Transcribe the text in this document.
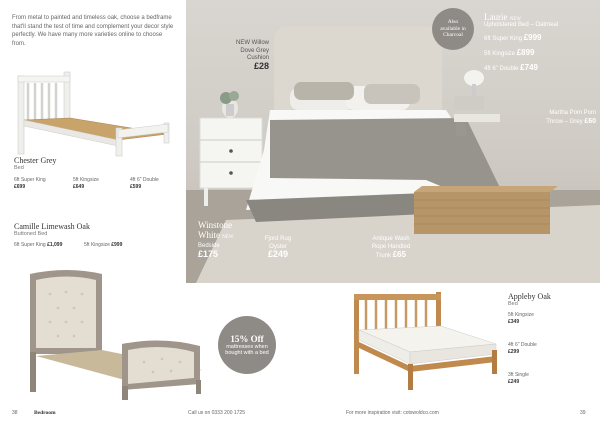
From metal to painted and timeless oak, choose a bedframe that'll stand the test of time and complement your decor style perfectly. We have many more varieties online to choose from.
Chester Grey
Bed
6ft Super King
£699
5ft Kingsize
£649
4ft 6" Double
£599
Camille Limewash Oak
Buttoned Bed
6ft Super King £1,099	5ft Kingsize £999
NEW Willow
Dove Grey
Cushion
£28
Also available in Charcoal
Laurie NEW
Upholstered Bed – Oatmeal
6ft Super King £999
5ft Kingsize £899
4ft 6" Double £749
Martha Pom Pom
Throw – Grey £60
Winstone
White NEW
Bedside
£175
Fjord Rug
Oyster
£249
Antique Wash
Rope Handled
Trunk £65
15% Off
mattresses when bought with a bed
Appleby Oak
Bed
5ft Kingsize
£349
4ft 6" Double
£299
3ft Single
£249
38	Bedroom	Call us on 0333 200 1725	For more inspiration visit: cotswoldco.com	39
